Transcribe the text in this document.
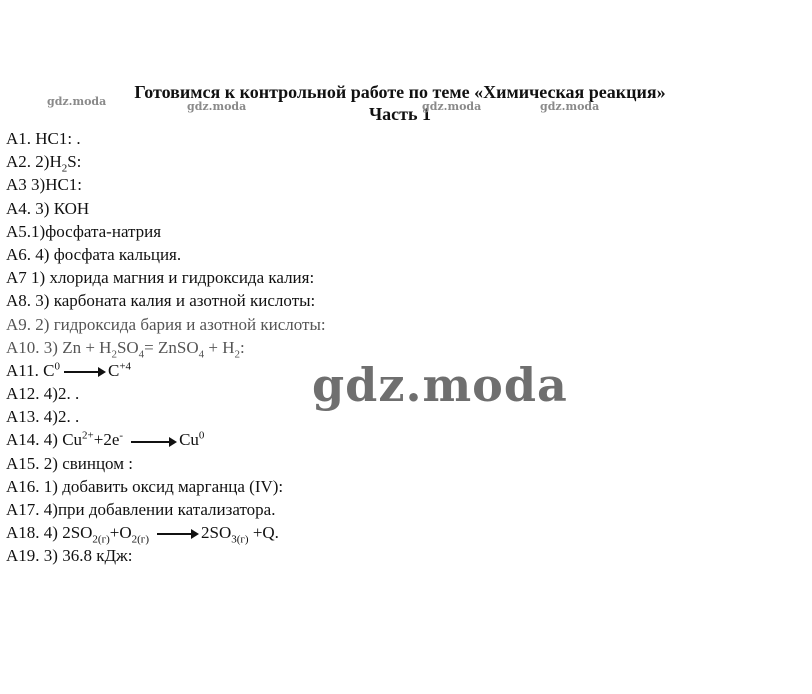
Готовимся к контрольной работе по теме «Химическая реакция»
Часть 1
gdz.moda	gdz.moda	gdz.moda	gdz.moda
А1. HC1: .
А2. $2)H_2S$:
А3 3)HC1:
А4. 3) КОН
А5.1)фосфата-натрия
А6. 4) фосфата кальция.
А7 1) хлорида магния и гидроксида калия:
А8. 3) карбоната калия и азотной кислоты:
А9. 2) гидроксида бария и азотной кислоты:
А10. 3) $Zn + H_2SO_4=$ ZnSO$_4$ + $H_2$:
А11. $C^0 \to C^{+4}$
А12. 4)2. .
А13. 4)2. .
А14. 4) $Cu^{2+}+2e^- \to Cu^0$
А15. 2) свинцом :
А16. 1) добавить оксид марганца (IV):
А17. 4)при добавлении катализатора.
А18. 4) $2SO_{2(г)}+O_{2(г)} \to 2SO_{3(г)} +Q$.
А19. 3) 36.8 кДж:
gdz.moda
